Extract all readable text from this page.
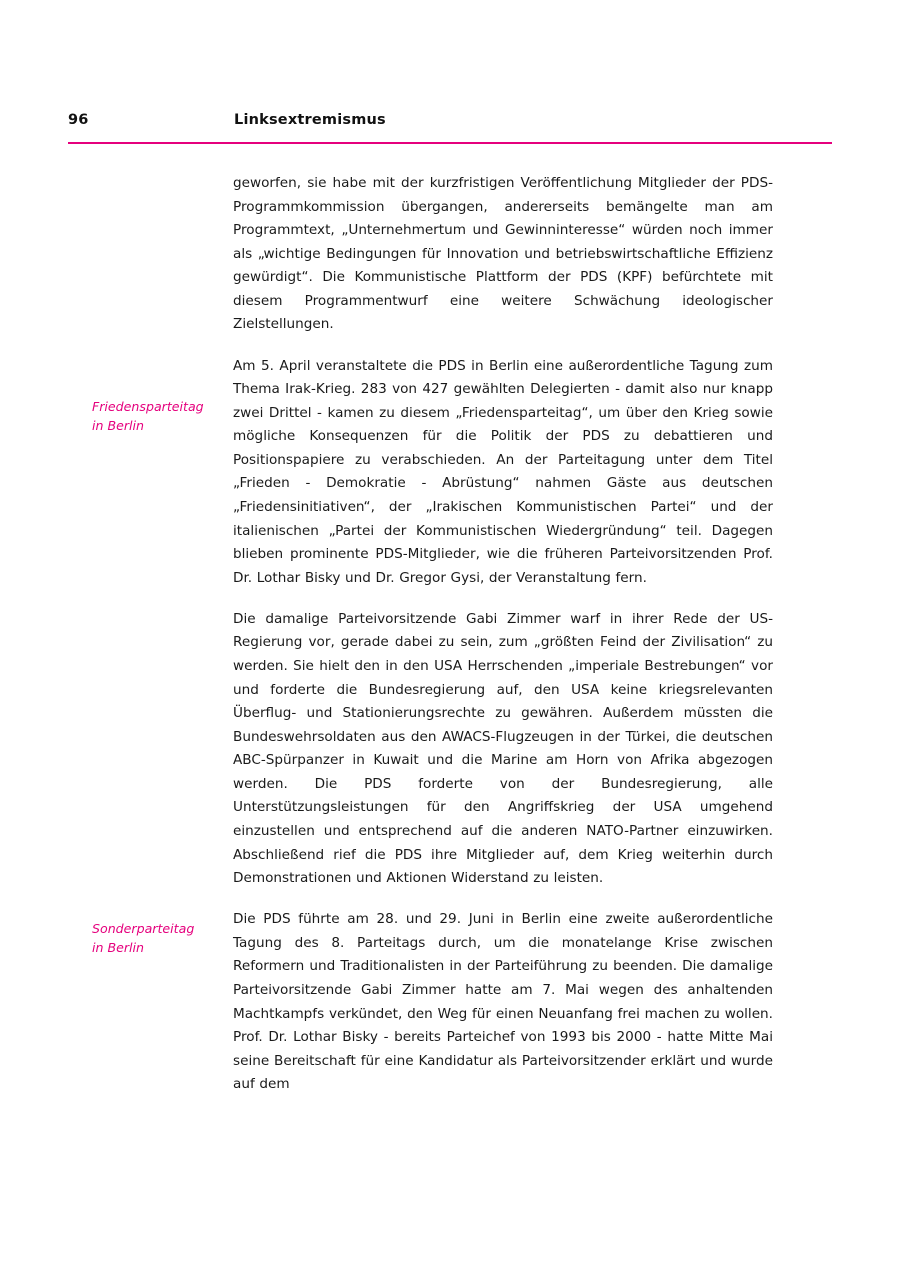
96	Linksextremismus
Friedensparteitag
in Berlin
Sonderparteitag
in Berlin

geworfen, sie habe mit der kurzfristigen Veröffentlichung Mitglieder der PDS-Programmkommission übergangen, andererseits bemängelte man am Programmtext, „Unternehmertum und Gewinninteresse“ würden noch immer als „wichtige Bedingungen für Innovation und betriebswirtschaftliche Effizienz gewürdigt“. Die Kommunistische Plattform der PDS (KPF) befürchtete mit diesem Programmentwurf eine weitere Schwächung ideologischer Zielstellungen.

Am 5. April veranstaltete die PDS in Berlin eine außerordentliche Tagung zum Thema Irak-Krieg. 283 von 427 gewählten Delegierten - damit also nur knapp zwei Drittel - kamen zu diesem „Friedensparteitag“, um über den Krieg sowie mögliche Konsequenzen für die Politik der PDS zu debattieren und Positionspapiere zu verabschieden. An der Parteitagung unter dem Titel „Frieden - Demokratie - Abrüstung“ nahmen Gäste aus deutschen „Friedensinitiativen“, der „Irakischen Kommunistischen Partei“ und der italienischen „Partei der Kommunistischen Wiedergründung“ teil. Dagegen blieben prominente PDS-Mitglieder, wie die früheren Parteivorsitzenden Prof. Dr. Lothar Bisky und Dr. Gregor Gysi, der Veranstaltung fern.

Die damalige Parteivorsitzende Gabi Zimmer warf in ihrer Rede der US-Regierung vor, gerade dabei zu sein, zum „größten Feind der Zivilisation“ zu werden. Sie hielt den in den USA Herrschenden „imperiale Bestrebungen“ vor und forderte die Bundesregierung auf, den USA keine kriegsrelevanten Überflug- und Stationierungsrechte zu gewähren. Außerdem müssten die Bundeswehrsoldaten aus den AWACS-Flugzeugen in der Türkei, die deutschen ABC-Spürpanzer in Kuwait und die Marine am Horn von Afrika abgezogen werden. Die PDS forderte von der Bundesregierung, alle Unterstützungsleistungen für den Angriffskrieg der USA umgehend einzustellen und entsprechend auf die anderen NATO-Partner einzuwirken. Abschließend rief die PDS ihre Mitglieder auf, dem Krieg weiterhin durch Demonstrationen und Aktionen Widerstand zu leisten.

Die PDS führte am 28. und 29. Juni in Berlin eine zweite außerordentliche Tagung des 8. Parteitags durch, um die monatelange Krise zwischen Reformern und Traditionalisten in der Parteiführung zu beenden. Die damalige Parteivorsitzende Gabi Zimmer hatte am 7. Mai wegen des anhaltenden Machtkampfs verkündet, den Weg für einen Neuanfang frei machen zu wollen. Prof. Dr. Lothar Bisky - bereits Parteichef von 1993 bis 2000 - hatte Mitte Mai seine Bereitschaft für eine Kandidatur als Parteivorsitzender erklärt und wurde auf dem
